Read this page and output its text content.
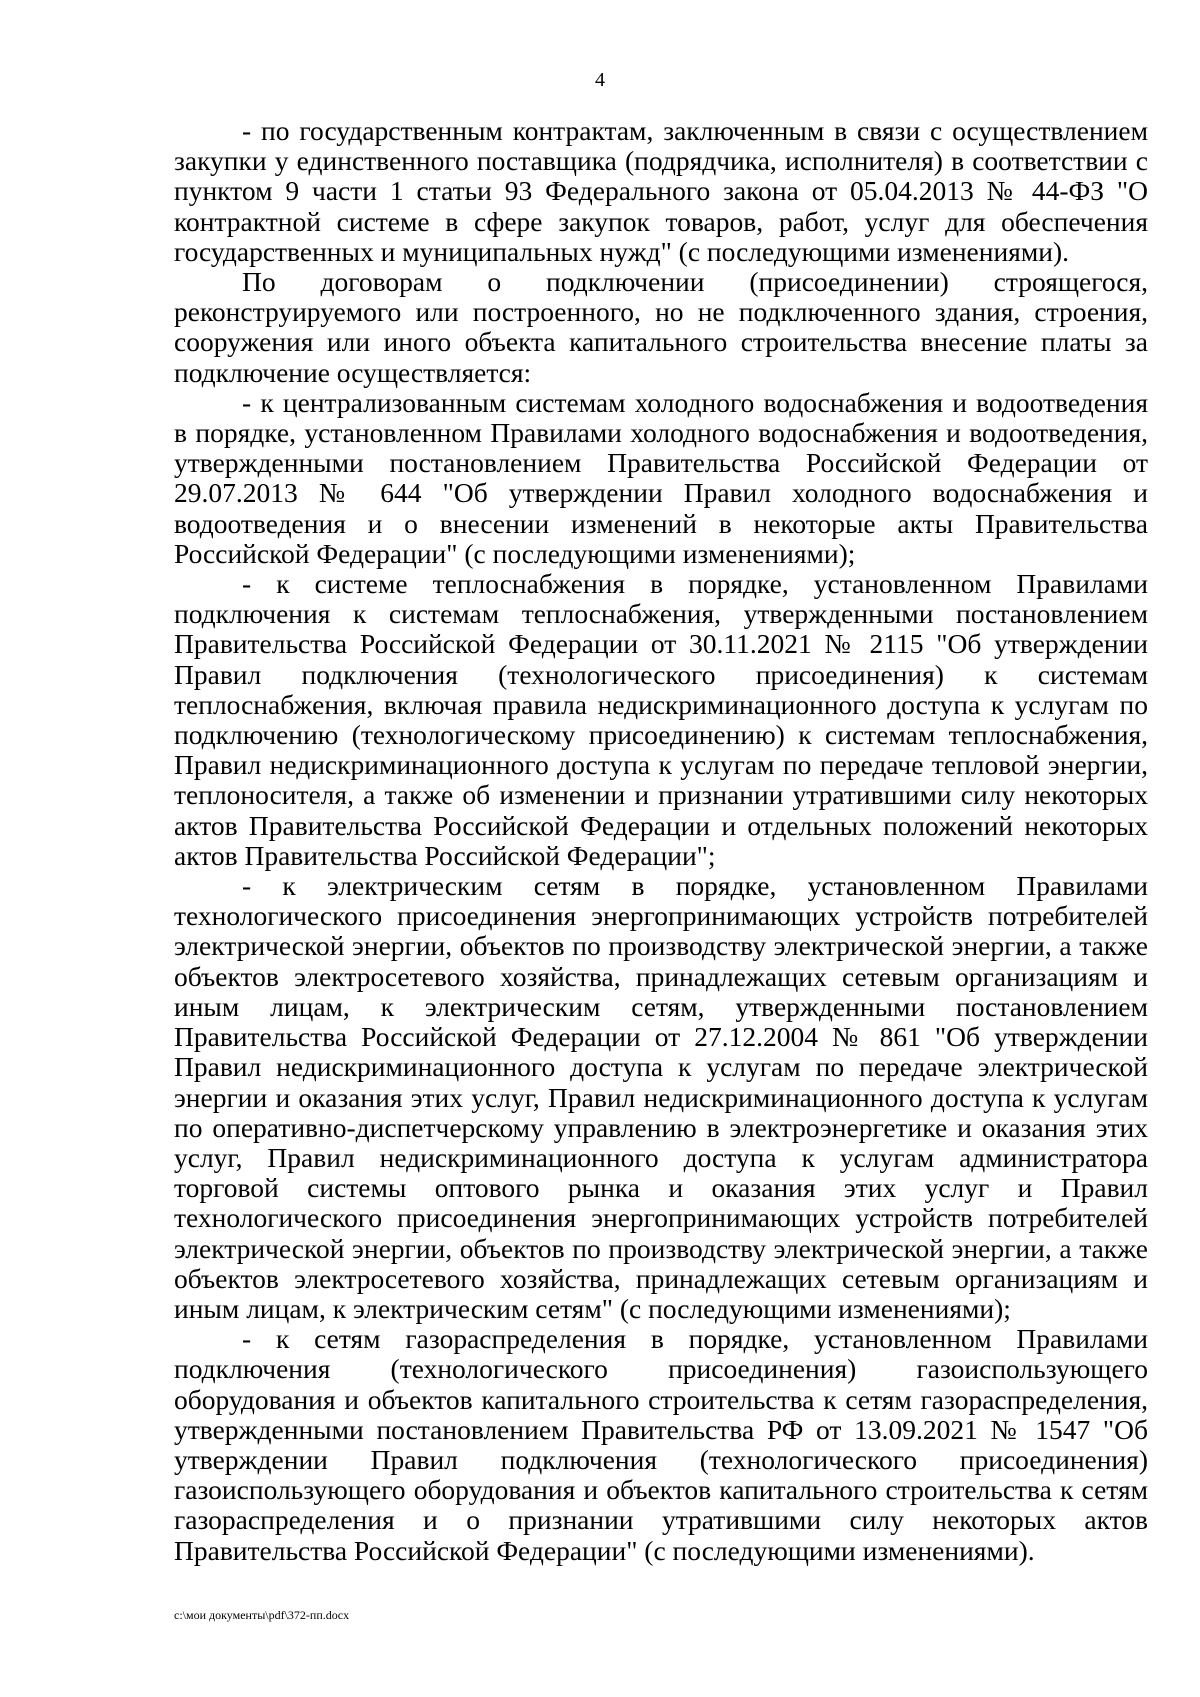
4

- по государственным контрактам, заключенным в связи с осуществлением закупки у единственного поставщика (подрядчика, исполнителя) в соответствии с пунктом 9 части 1 статьи 93 Федерального закона от 05.04.2013 № 44-ФЗ "О контрактной системе в сфере закупок товаров, работ, услуг для обеспечения государственных и муниципальных нужд" (с последующими изменениями).

По договорам о подключении (присоединении) строящегося, реконструируемого или построенного, но не подключенного здания, строения, сооружения или иного объекта капитального строительства внесение платы за подключение осуществляется:

- к централизованным системам холодного водоснабжения и водоотведения в порядке, установленном Правилами холодного водоснабжения и водоотведения, утвержденными постановлением Правительства Российской Федерации от 29.07.2013 № 644 "Об утверждении Правил холодного водоснабжения и водоотведения и о внесении изменений в некоторые акты Правительства Российской Федерации" (с последующими изменениями);

- к системе теплоснабжения в порядке, установленном Правилами подключения к системам теплоснабжения, утвержденными постановлением Правительства Российской Федерации от 30.11.2021 № 2115 "Об утверждении Правил подключения (технологического присоединения) к системам теплоснабжения, включая правила недискриминационного доступа к услугам по подключению (технологическому присоединению) к системам теплоснабжения, Правил недискриминационного доступа к услугам по передаче тепловой энергии, теплоносителя, а также об изменении и признании утратившими силу некоторых актов Правительства Российской Федерации и отдельных положений некоторых актов Правительства Российской Федерации";

- к электрическим сетям в порядке, установленном Правилами технологического присоединения энергопринимающих устройств потребителей электрической энергии, объектов по производству электрической энергии, а также объектов электросетевого хозяйства, принадлежащих сетевым организациям и иным лицам, к электрическим сетям, утвержденными постановлением Правительства Российской Федерации от 27.12.2004 № 861 "Об утверждении Правил недискриминационного доступа к услугам по передаче электрической энергии и оказания этих услуг, Правил недискриминационного доступа к услугам по оперативно-диспетчерскому управлению в электроэнергетике и оказания этих услуг, Правил недискриминационного доступа к услугам администратора торговой системы оптового рынка и оказания этих услуг и Правил технологического присоединения энергопринимающих устройств потребителей электрической энергии, объектов по производству электрической энергии, а также объектов электросетевого хозяйства, принадлежащих сетевым организациям и иным лицам, к электрическим сетям" (с последующими изменениями);

- к сетям газораспределения в порядке, установленном Правилами подключения (технологического присоединения) газоиспользующего оборудования и объектов капитального строительства к сетям газораспределения, утвержденными постановлением Правительства РФ от 13.09.2021 № 1547 "Об утверждении Правил подключения (технологического присоединения) газоиспользующего оборудования и объектов капитального строительства к сетям газораспределения и о признании утратившими силу некоторых актов Правительства Российской Федерации" (с последующими изменениями).

c:\мои документы\pdf\372-пп.docx
